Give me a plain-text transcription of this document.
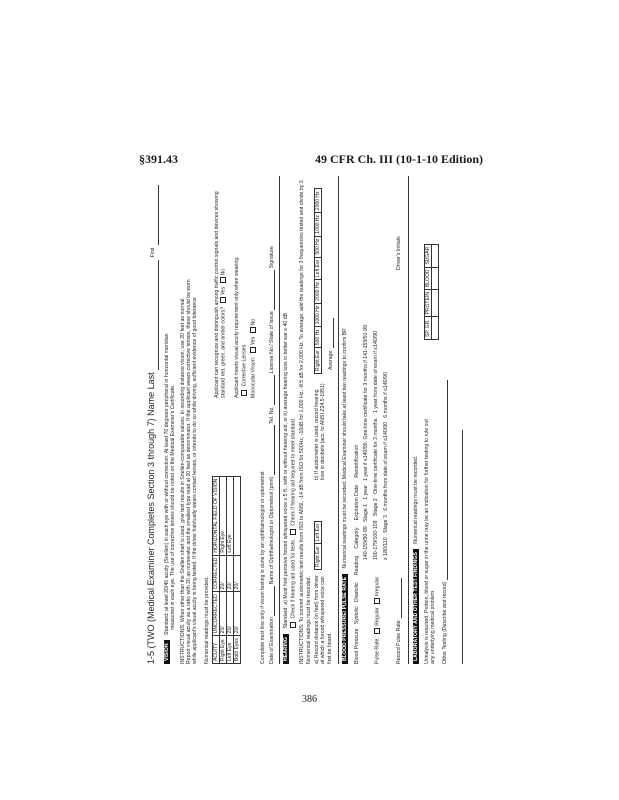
§391.43	49 CFR Ch. III (10-1-10 Edition)
1-5 (TWO (Medical Examiner Completes Section 3 through 7) Name Last  First
VISION Standard: at least 20/40 acuity (Snellen) in each eye with or without correction. At least 70 degrees peripheral in horizontal meridian measured in each eye. The use of corrective lenses should be noted on the Medical Examiner's Certificate. INSTRUCTIONS: When other than the Snellen chart is used, give test results in Snellen-comparable values. In recording distance vision, use 20 feet as normal. Report visual acuity as a ratio with 20 as numerator and the smallest type read at 20 feet as denominator. If the applicant wears corrective lenses, these should be worn while applicant's visual acuity is being tested. If the driver habitually wears contact lenses, or intends to do so while driving, sufficient evidence of good tolerance Numerical readings must be provided. ACUITY	UNCORRECTED	CORRECTED	HORIZONTAL FIELD OF VISION
Right Eye	20/	20/	Right Eye
Left Eye	20/	20/	Left Eye
Both Eyes	20/	20/	
Applicant can recognize and distinguish among traffic control signals and devices showing standard red, green, and amber colors? Yes No Applicant meets visual acuity requirement only when wearing: Corrective Lenses Monocular Vision: Yes No
Complete next line only if vision testing is done by an ophthalmologist or optometrist Date of Examination  Name of Ophthalmologist or Optometrist (print)  Tel. No.  License No./ State of Issue  Signature
HEARING Standard: a) Must first perceive forced whispered voice ≥ 5 ft., with or without hearing aid, or b) average hearing loss in better ear ≤ 40 dB Check if hearing aid used for tests.  Check if hearing aid required to meet standard. INSTRUCTIONS: To convert audiometric test results from ISO to ANSI, -14 dB from ISO for 500Hz, -10dB for 1,000 Hz, -8.5 dB for 2,000 Hz. To average, add the readings for 3 frequencies tested and divide by 3. Numerical readings must be recorded. a) Record distance (in feet) from driver at which a forced whispered voice can first be heard.
Right Ear	Left Ear
b) If audiometer is used, record hearing loss in decibels (acc. to ANSI Z24.5-1951)
Right Ear	500 Hz	1000 Hz	2000 Hz	Left Ear	500 Hz	1000 Hz	2000 Hz
Average:
BLOOD PRESSURE/ PULSE RATE Numerical readings must be recorded. Medical Examiner should take at least two readings to confirm BP.
Blood Pressure   Systolic   Diastolic     Reading     Category     Expiration Date     Recertification
140-159/90-99   Stage 1   1 year   1 year if ≤140/90. One-time certificate for 3 months if 141-159/91-99
160-179/100-109   Stage 2   One-time certificate for 3 months.   1 year from date of exam if ≤140/90
≥ 180/110   Stage 3   6 months from date of exam if ≤140/90   6 months if ≤140/90
Pulse Rate: Regular Irregular
Record Pulse Rate:
Driver's Initials
LABORATORY AND OTHER TEST FINDINGS Numerical readings must be recorded. Urinalysis is required. Protein, blood or sugar in the urine may be an indication for further testing to rule out any underlying medical problem.
SP. GR.	PROTEIN	BLOOD	SUGAR

Other Testing (Describe and record)
386
